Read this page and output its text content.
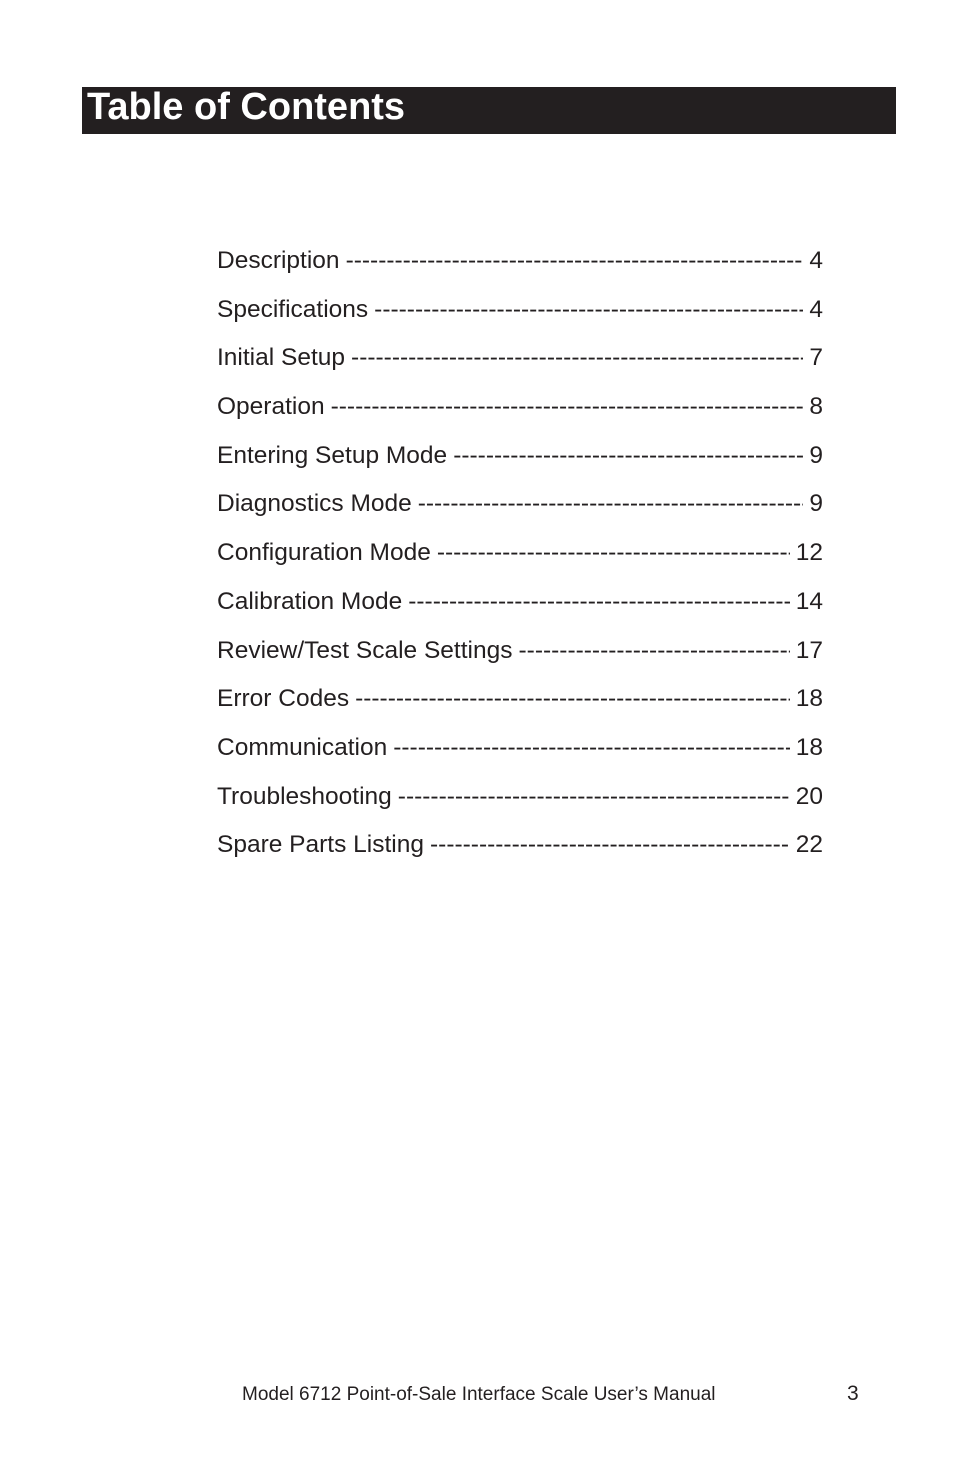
Table of Contents
Description -----	4
Specifications -----	4
Initial Setup -----	7
Operation -----	8
Entering Setup Mode -----	9
Diagnostics Mode -----	9
Configuration Mode -----	12
Calibration Mode -----	14
Review/Test Scale Settings -----	17
Error Codes -----	18
Communication -----	18
Troubleshooting -----	20
Spare Parts Listing -----	22
Model 6712 Point-of-Sale Interface Scale User’s Manual	3
